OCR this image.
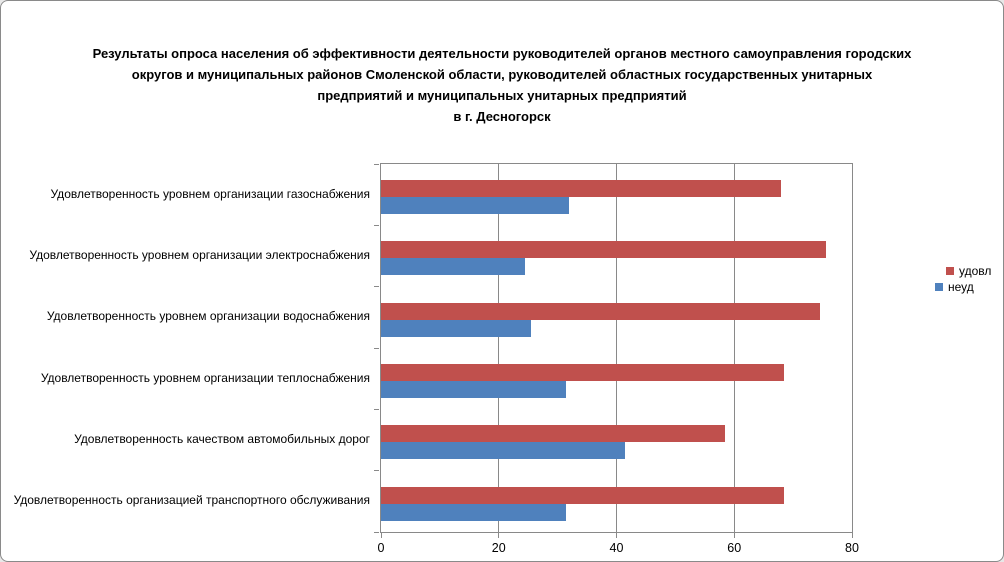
Результаты опроса населения об эффективности деятельности руководителей органов местного самоуправления городских
округов и муниципальных районов Смоленской области, руководителей областных государственных унитарных
предприятий и муниципальных унитарных предприятий
в г. Десногорск
Удовлетворенность уровнем организации газоснабжения
Удовлетворенность уровнем организации электроснабжения
Удовлетворенность уровнем организации водоснабжения
Удовлетворенность уровнем организации теплоснабжения
Удовлетворенность качеством автомобильных дорог
Удовлетворенность организацией транспортного обслуживания
0	20	40	60	80
удовл
неуд
